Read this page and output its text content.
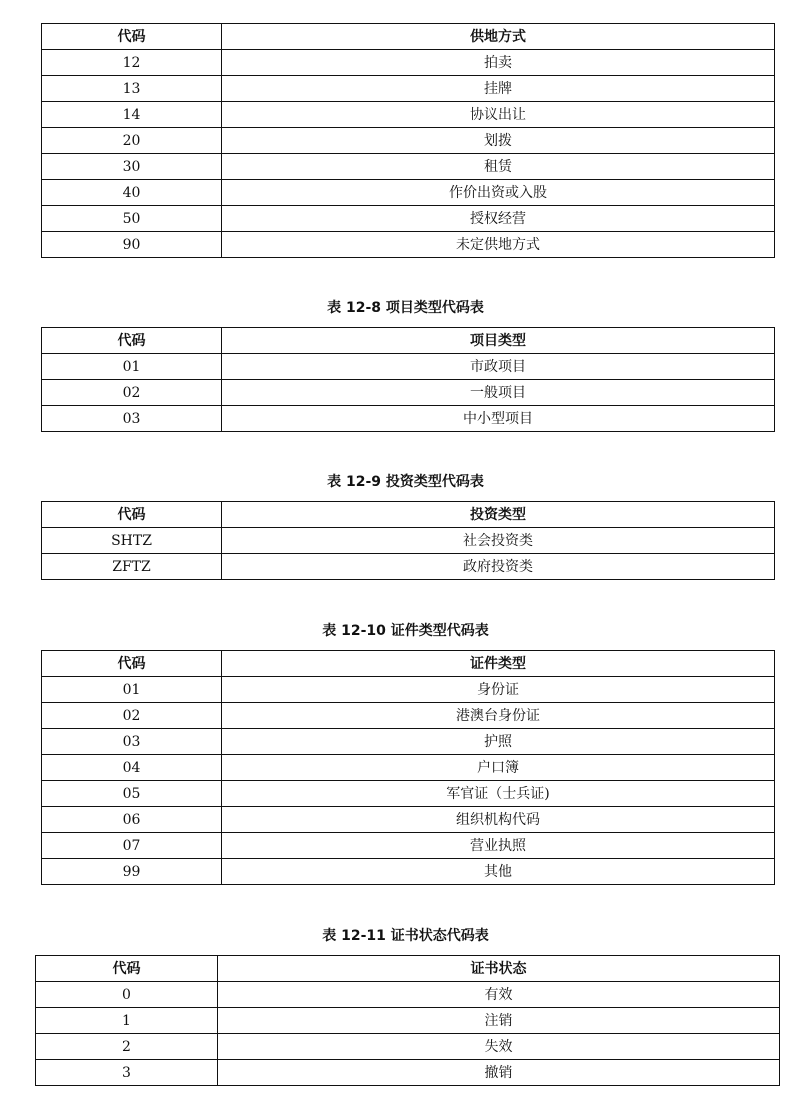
代码	供地方式
12	拍卖
13	挂牌
14	协议出让
20	划拨
30	租赁
40	作价出资或入股
50	授权经营
90	未定供地方式
表 12-8 项目类型代码表
代码	项目类型
01	市政项目
02	一般项目
03	中小型项目
表 12-9 投资类型代码表
代码	投资类型
SHTZ	社会投资类
ZFTZ	政府投资类
表 12-10 证件类型代码表
代码	证件类型
01	身份证
02	港澳台身份证
03	护照
04	户口簿
05	军官证（士兵证)
06	组织机构代码
07	营业执照
99	其他
表 12-11 证书状态代码表
代码	证书状态
0	有效
1	注销
2	失效
3	撤销
